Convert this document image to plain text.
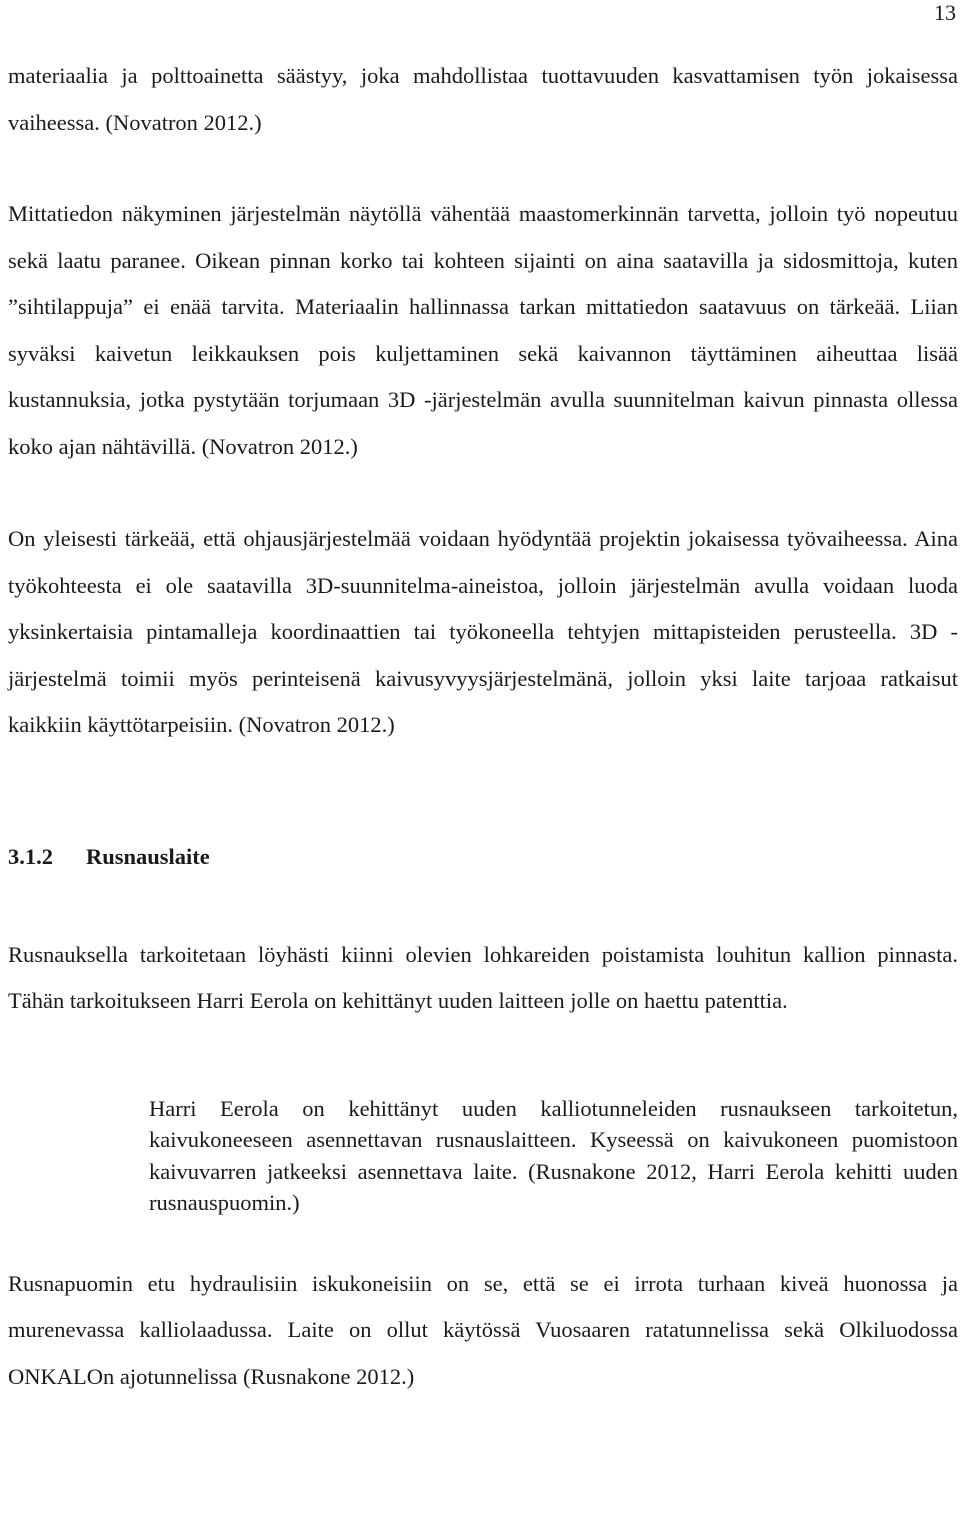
13

materiaalia ja polttoainetta säästyy, joka mahdollistaa tuottavuuden kasvattamisen työn jokaisessa vaiheessa. (Novatron 2012.)

Mittatiedon näkyminen järjestelmän näytöllä vähentää maastomerkinnän tarvetta, jolloin työ nopeutuu sekä laatu paranee. Oikean pinnan korko tai kohteen sijainti on aina saatavilla ja sidosmittoja, kuten ”sihtilappuja” ei enää tarvita. Materiaalin hallinnassa tarkan mittatiedon saatavuus on tärkeää. Liian syväksi kaivetun leikkauksen pois kuljettaminen sekä kaivannon täyttäminen aiheuttaa lisää kustannuksia, jotka pystytään torjumaan 3D -järjestelmän avulla suunnitelman kaivun pinnasta ollessa koko ajan nähtävillä. (Novatron 2012.)

On yleisesti tärkeää, että ohjausjärjestelmää voidaan hyödyntää projektin jokaisessa työvaiheessa. Aina työkohteesta ei ole saatavilla 3D-suunnitelma-aineistoa, jolloin järjestelmän avulla voidaan luoda yksinkertaisia pintamalleja koordinaattien tai työkoneella tehtyjen mittapisteiden perusteella. 3D -järjestelmä toimii myös perinteisenä kaivusyvyysjärjestelmänä, jolloin yksi laite tarjoaa ratkaisut kaikkiin käyttötarpeisiin. (Novatron 2012.)

3.1.2 Rusnauslaite

Rusnauksella tarkoitetaan löyhästi kiinni olevien lohkareiden poistamista louhitun kallion pinnasta. Tähän tarkoitukseen Harri Eerola on kehittänyt uuden laitteen jolle on haettu patenttia.

Harri Eerola on kehittänyt uuden kalliotunneleiden rusnaukseen tarkoitetun, kaivukoneeseen asennettavan rusnauslaitteen. Kyseessä on kaivukoneen puomistoon kaivuvarren jatkeeksi asennettava laite. (Rusnakone 2012, Harri Eerola kehitti uuden rusnauspuomin.)

Rusnapuomin etu hydraulisiin iskukoneisiin on se, että se ei irrota turhaan kiveä huonossa ja murenevassa kalliolaadussa. Laite on ollut käytössä Vuosaaren ratatunnelissa sekä Olkiluodossa ONKALOn ajotunnelissa (Rusnakone 2012.)
